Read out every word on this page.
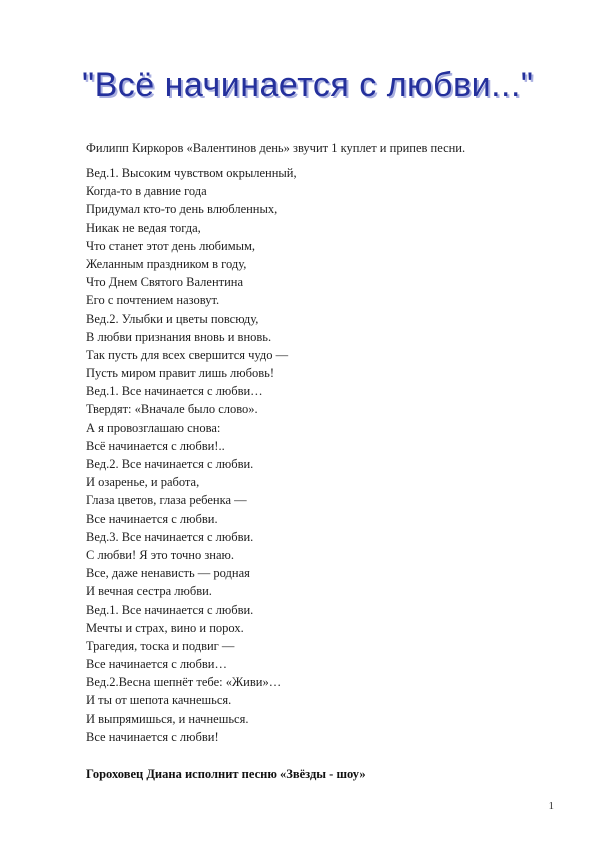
"Всё начинается с любви..."
Филипп Киркоров «Валентинов день» звучит 1 куплет и припев песни.
Вед.1. Высоким чувством окрыленный,
Когда-то в давние года
Придумал кто-то день влюбленных,
Никак не ведая тогда,
Что станет этот день любимым,
Желанным праздником в году,
Что Днем Святого Валентина
Его с почтением назовут.
Вед.2. Улыбки и цветы повсюду,
В любви признания вновь и вновь.
Так пусть для всех свершится чудо —
Пусть миром правит лишь любовь!
Вед.1. Все начинается с любви…
Твердят: «Вначале было слово».
А я провозглашаю снова:
Всё начинается с любви!..
Вед.2. Все начинается с любви.
И озаренье, и работа,
Глаза цветов, глаза ребенка —
Все начинается с любви.
Вед.3. Все начинается с любви.
С любви! Я это точно знаю.
Все, даже ненависть — родная
И вечная сестра любви.
Вед.1. Все начинается с любви.
Мечты и страх, вино и порох.
Трагедия, тоска и подвиг —
Все начинается с любви…
Вед.2.Весна шепнёт тебе: «Живи»…
И ты от шепота качнешься.
И выпрямишься, и начнешься.
Все начинается с любви!
Гороховец Диана исполнит песню «Звёзды - шоу»
1
